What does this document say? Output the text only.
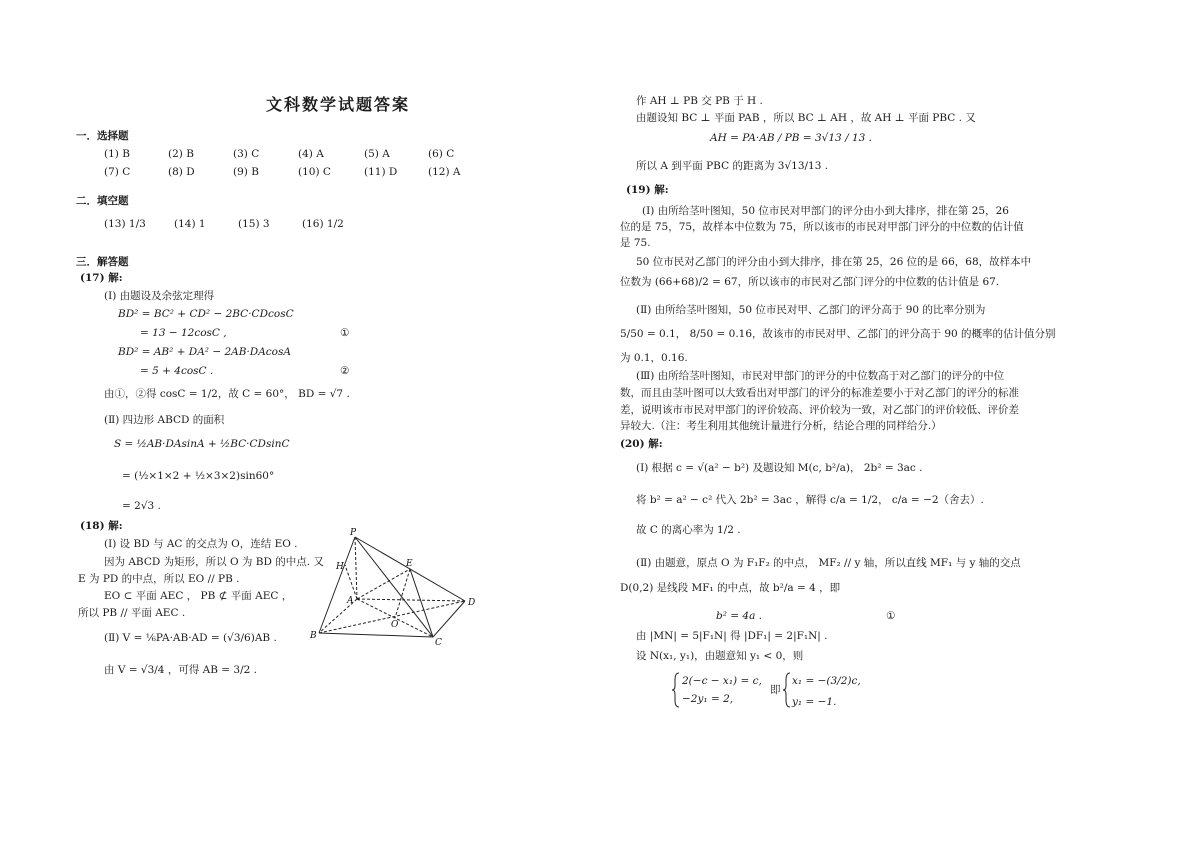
文科数学试题答案
一．选择题
(1) B	(2) B	(3) C	(4) A	(5) A	(6) C
(7) C	(8) D	(9) B	(10) C	(11) D	(12) A
二．填空题
(13) 1/3	(14) 1	(15) 3	(16) 1/2
三．解答题
(17) 解:
(Ⅰ) 由题设及余弦定理得
BD² = BC² + CD² − 2BC·CDcosC
= 13 − 12cosC ,	①
BD² = AB² + DA² − 2AB·DAcosA
= 5 + 4cosC .	②
由①，②得 cosC = 1/2，故 C = 60°， BD = √7 .
(Ⅱ) 四边形 ABCD 的面积
S = ½AB·DAsinA + ½BC·CDsinC
= (½×1×2 + ½×3×2)sin60°
= 2√3 .
(18) 解:
(Ⅰ) 设 BD 与 AC 的交点为 O，连结 EO .
因为 ABCD 为矩形，所以 O 为 BD 的中点. 又
E 为 PD 的中点，所以 EO // PB .
EO ⊂ 平面 AEC ， PB ⊄ 平面 AEC ，
所以 PB // 平面 AEC .
(Ⅱ) V = ⅙PA·AB·AD = (√3/6)AB .
由 V = √3/4 ，可得 AB = 3/2 .
P
H	E
A
O
D
B
C
作 AH ⊥ PB 交 PB 于 H .
由题设知 BC ⊥ 平面 PAB ，所以 BC ⊥ AH ，故 AH ⊥ 平面 PBC . 又
AH = PA·AB / PB = 3√13 / 13 .
所以 A 到平面 PBC 的距离为 3√13/13 .
(19) 解:
(Ⅰ) 由所给茎叶图知，50 位市民对甲部门的评分由小到大排序，排在第 25，26
位的是 75，75，故样本中位数为 75，所以该市的市民对甲部门评分的中位数的估计值
是 75.
50 位市民对乙部门的评分由小到大排序，排在第 25，26 位的是 66，68，故样本中
位数为 (66+68)/2 = 67，所以该市的市民对乙部门评分的中位数的估计值是 67.
(Ⅱ) 由所给茎叶图知，50 位市民对甲、乙部门的评分高于 90 的比率分别为
5/50 = 0.1， 8/50 = 0.16，故该市的市民对甲、乙部门的评分高于 90 的概率的估计值分别
为 0.1，0.16.
(Ⅲ) 由所给茎叶图知，市民对甲部门的评分的中位数高于对乙部门的评分的中位
数，而且由茎叶图可以大致看出对甲部门的评分的标准差要小于对乙部门的评分的标准
差，说明该市市民对甲部门的评价较高、评价较为一致，对乙部门的评价较低、评价差
异较大.（注：考生利用其他统计量进行分析，结论合理的同样给分.）
(20) 解:
(Ⅰ) 根据 c = √(a² − b²) 及题设知 M(c, b²/a)， 2b² = 3ac .
将 b² = a² − c² 代入 2b² = 3ac ，解得 c/a = 1/2， c/a = −2（舍去）.
故 C 的离心率为 1/2 .
(Ⅱ) 由题意，原点 O 为 F₁F₂ 的中点， MF₂ // y 轴，所以直线 MF₁ 与 y 轴的交点
D(0,2) 是线段 MF₁ 的中点，故 b²/a = 4 ，即
b² = 4a .	①
由 |MN| = 5|F₁N| 得 |DF₁| = 2|F₁N| .
设 N(x₁, y₁)，由题意知 y₁ < 0，则
2(−c − x₁) = c,
−2y₁ = 2,
即
x₁ = −(3/2)c,
y₁ = −1.
